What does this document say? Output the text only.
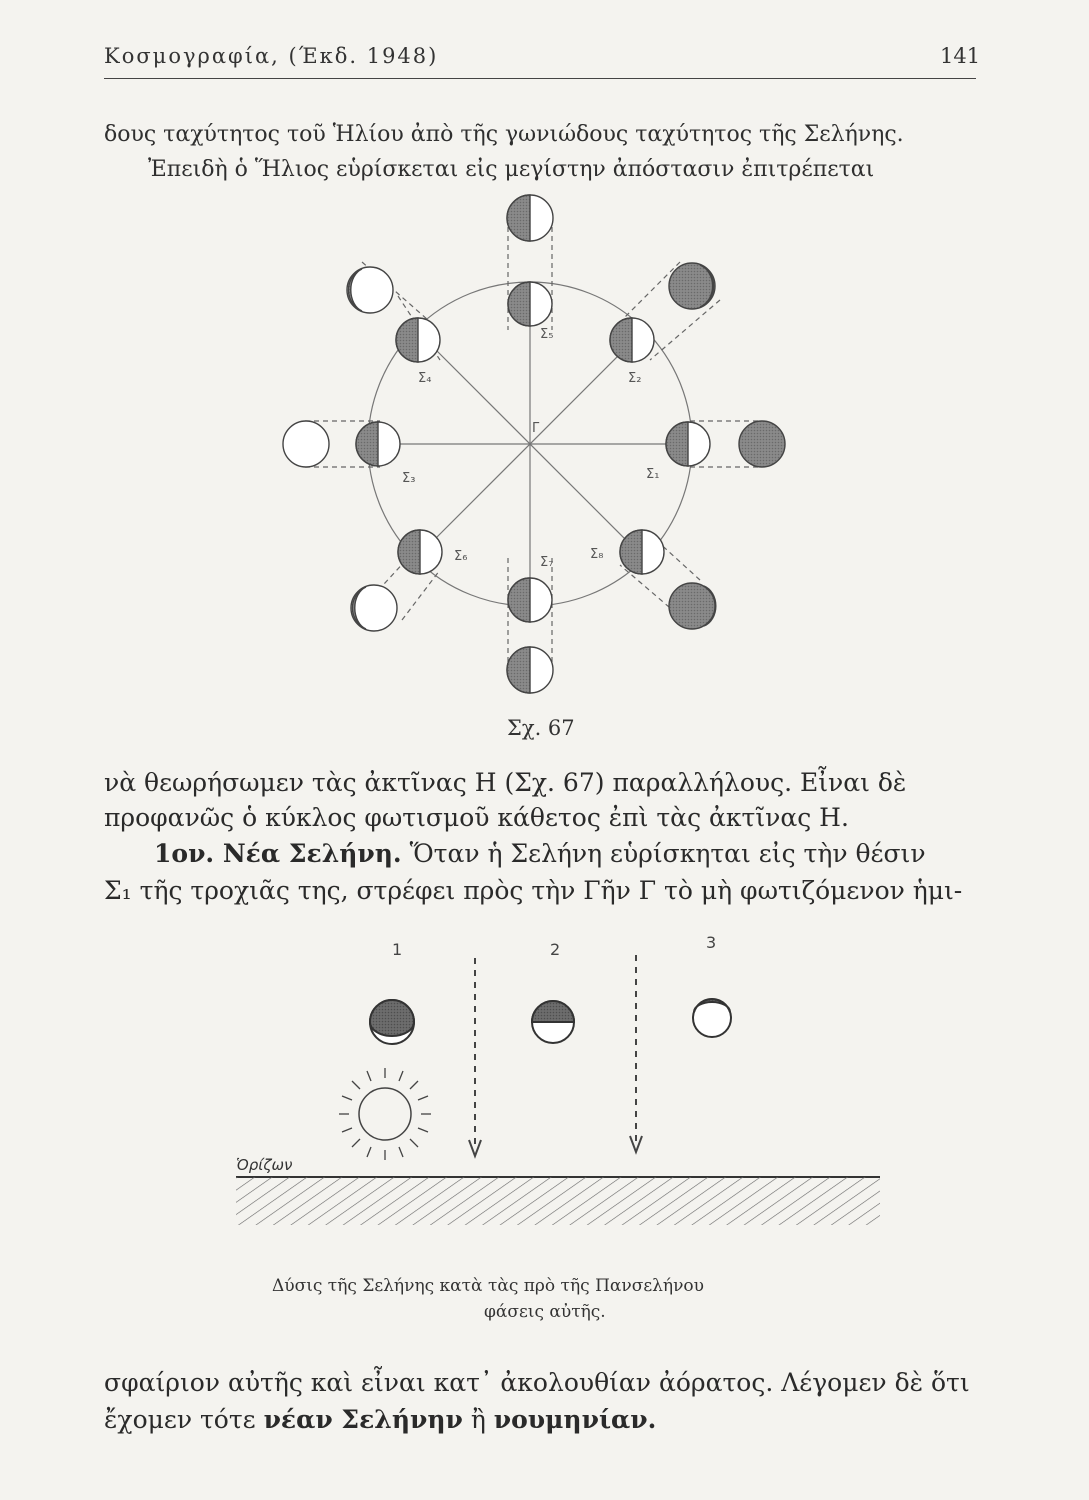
Κοσμογραφία, (Έκδ. 1948)	141
δους ταχύτητος τοῦ Ἡλίου ἀπὸ τῆς γωνιώδους ταχύτητος τῆς Σελήνης.
Ἐπειδὴ ὁ Ἥλιος εὑρίσκεται εἰς μεγίστην ἀπόστασιν ἐπιτρέπεται
Σ₅
Σ₂
Σ₁
Σ₈
Σ₇
Σ₆
Σ₃
Σ₄
Γ
Σχ. 67
νὰ θεωρήσωμεν τὰς ἀκτῖνας Η (Σχ. 67) παραλλήλους. Εἶναι δὲ
προφανῶς ὁ κύκλος φωτισμοῦ κάθετος ἐπὶ τὰς ἀκτῖνας Η.
1ον. Νέα Σελήνη. Ὅταν ἡ Σελήνη εὑρίσκηται εἰς τὴν θέσιν
Σ₁ τῆς τροχιᾶς της, στρέφει πρὸς τὴν Γῆν Γ τὸ μὴ φωτιζόμενον ἡμι-
1	2	3
Ὁρίζων
Δύσις τῆς Σελήνης κατὰ τὰς πρὸ τῆς Πανσελήνου
φάσεις αὐτῆς.
σφαίριον αὐτῆς καὶ εἶναι κατ᾿ ἀκολουθίαν ἀόρατος. Λέγομεν δὲ ὅτι
ἔχομεν τότε νέαν Σελήνην ἢ νουμηνίαν.
